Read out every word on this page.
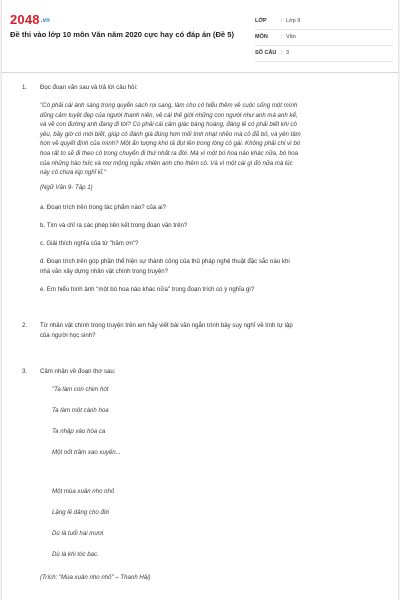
2048.vn
Đề thi vào lớp 10 môn Văn năm 2020 cực hay có đáp án (Đề 5)
LỚP	: Lớp 9
MÔN : Văn
SỐ CÂU : 3
1. Đọc đoạn văn sau và trả lời câu hỏi:
"Có phải cái ánh sáng trong quyển sách rọi sang, làm cho cô hiểu thêm về cuộc sống một mình
dũng cảm tuyệt đẹp của người thanh niên, về cái thế giới những con người như anh mà anh kể,
và về con đường anh đang đi tới? Có phải cái cảm giác bàng hoàng, đáng lẽ có phải biết khi cô
yêu, bây giờ có mới biết, giúp cô đánh giá đúng hơn mối tình nhạt nhẽo mà cô đã bỏ, và yên tâm
hơn về quyết định của mình? Một ấn tượng khó tả đọt lên trong lòng cô gái. Không phải chỉ vì bó
hoa rất to sẽ đi theo cô trong chuyến đi thứ nhất ra đời. Mà vì một bó hoa nào khác nữa, bó hoa
của những hào hức và mơ mộng ngẫu nhiên anh cho thêm cô. Và vì một cái gì đó nữa mà lúc
này cô chưa kịp nghĩ kĩ."
(Ngữ Văn 9- Tập 1)
a. Đoạn trích trên trong tác phẩm nào? của ai?
b. Tìm và chỉ ra các phép liên kết trong đoạn văn trên?
c. Giải thích nghĩa của từ "hăm ơn"?
d. Đoạn trích trên góp phần thể hiện sự thành công của thủ pháp nghệ thuật đặc sắc nào khi
nhà văn xây dựng nhân vật chính trong truyện?
e. Em hiểu hình ảnh "một bó hoa nào khác nữa" trong đoạn trích có ý nghĩa gì?
2. Từ nhân vật chính trong truyện trên em hãy viết bài văn ngắn trình bày suy nghĩ về tính tự lập
của người học sinh?
3. Cảm nhận về đoạn thơ sau:
"Ta làm con chim hót
Ta làm một cành hoa
Ta nhập vào hòa ca
Một nốt trầm xao xuyến...
Một mùa xuân nho nhỏ
Lặng lẽ dâng cho đời
Dù là tuổi hai mươi
Dù là khi tóc bạc.
(Trích: "Mùa xuân nho nhỏ" – Thanh Hải)
